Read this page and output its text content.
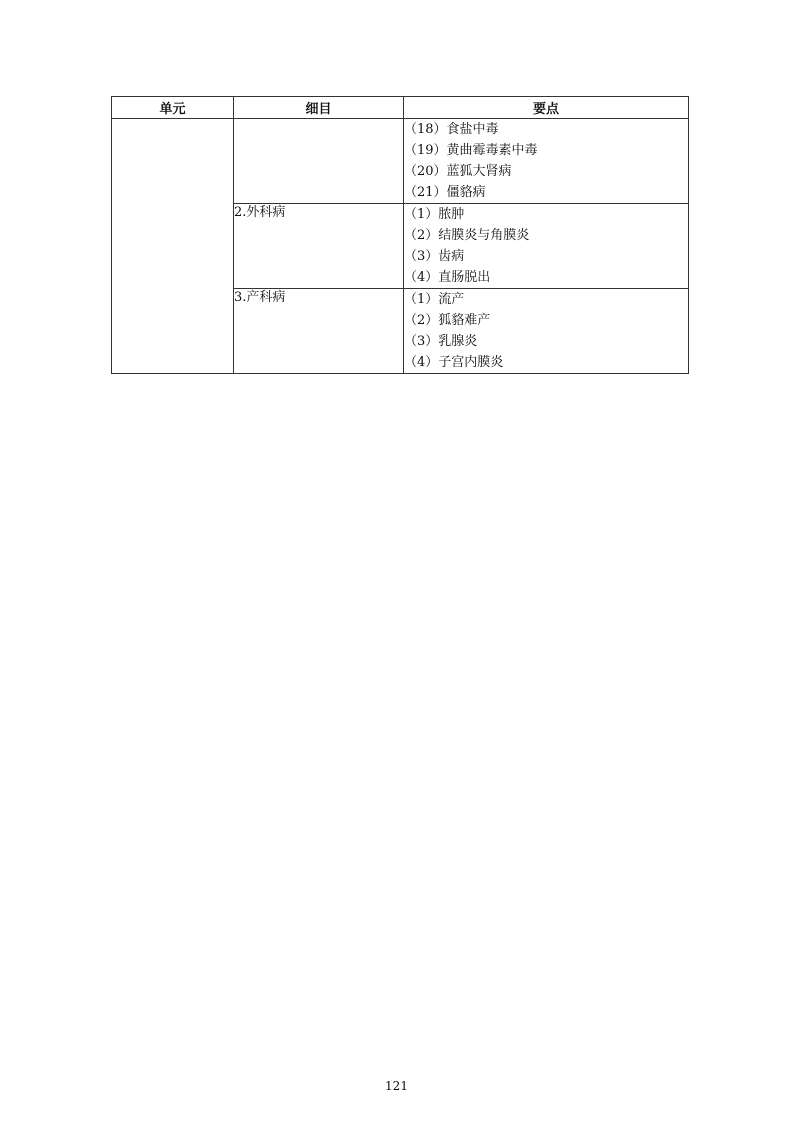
单元	细目	要点

		（18）食盐中毒
（19）黄曲霉毒素中毒
（20）蓝狐大肾病
（21）僵貉病

	2.外科病	（1）脓肿
（2）结膜炎与角膜炎
（3）齿病
（4）直肠脱出

	3.产科病	（1）流产
（2）狐貉难产
（3）乳腺炎
（4）子宫内膜炎
121
